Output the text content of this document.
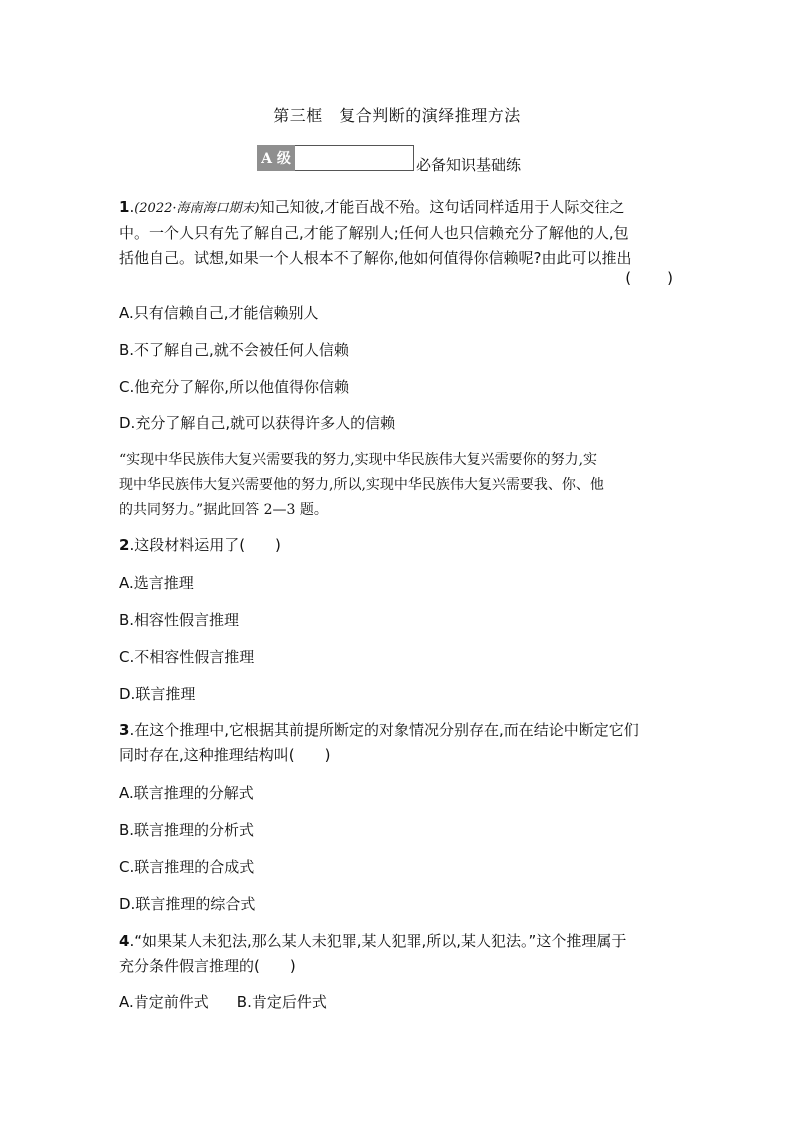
第三框　复合判断的演绎推理方法
A 级	必备知识基础练
1.(2022·海南海口期末)知己知彼,才能百战不殆。这句话同样适用于人际交往之
中。一个人只有先了解自己,才能了解别人;任何人也只信赖充分了解他的人,包
括他自己。试想,如果一个人根本不了解你,他如何值得你信赖呢?由此可以推出
(　　)
A.只有信赖自己,才能信赖别人
B.不了解自己,就不会被任何人信赖
C.他充分了解你,所以他值得你信赖
D.充分了解自己,就可以获得许多人的信赖
“实现中华民族伟大复兴需要我的努力,实现中华民族伟大复兴需要你的努力,实
现中华民族伟大复兴需要他的努力,所以,实现中华民族伟大复兴需要我、你、他
的共同努力。”据此回答 2—3 题。
2.这段材料运用了(　　)
A.选言推理
B.相容性假言推理
C.不相容性假言推理
D.联言推理
3.在这个推理中,它根据其前提所断定的对象情况分别存在,而在结论中断定它们
同时存在,这种推理结构叫(　　)
A.联言推理的分解式
B.联言推理的分析式
C.联言推理的合成式
D.联言推理的综合式
4.“如果某人未犯法,那么某人未犯罪,某人犯罪,所以,某人犯法。”这个推理属于
充分条件假言推理的(　　)
A.肯定前件式 B.肯定后件式
